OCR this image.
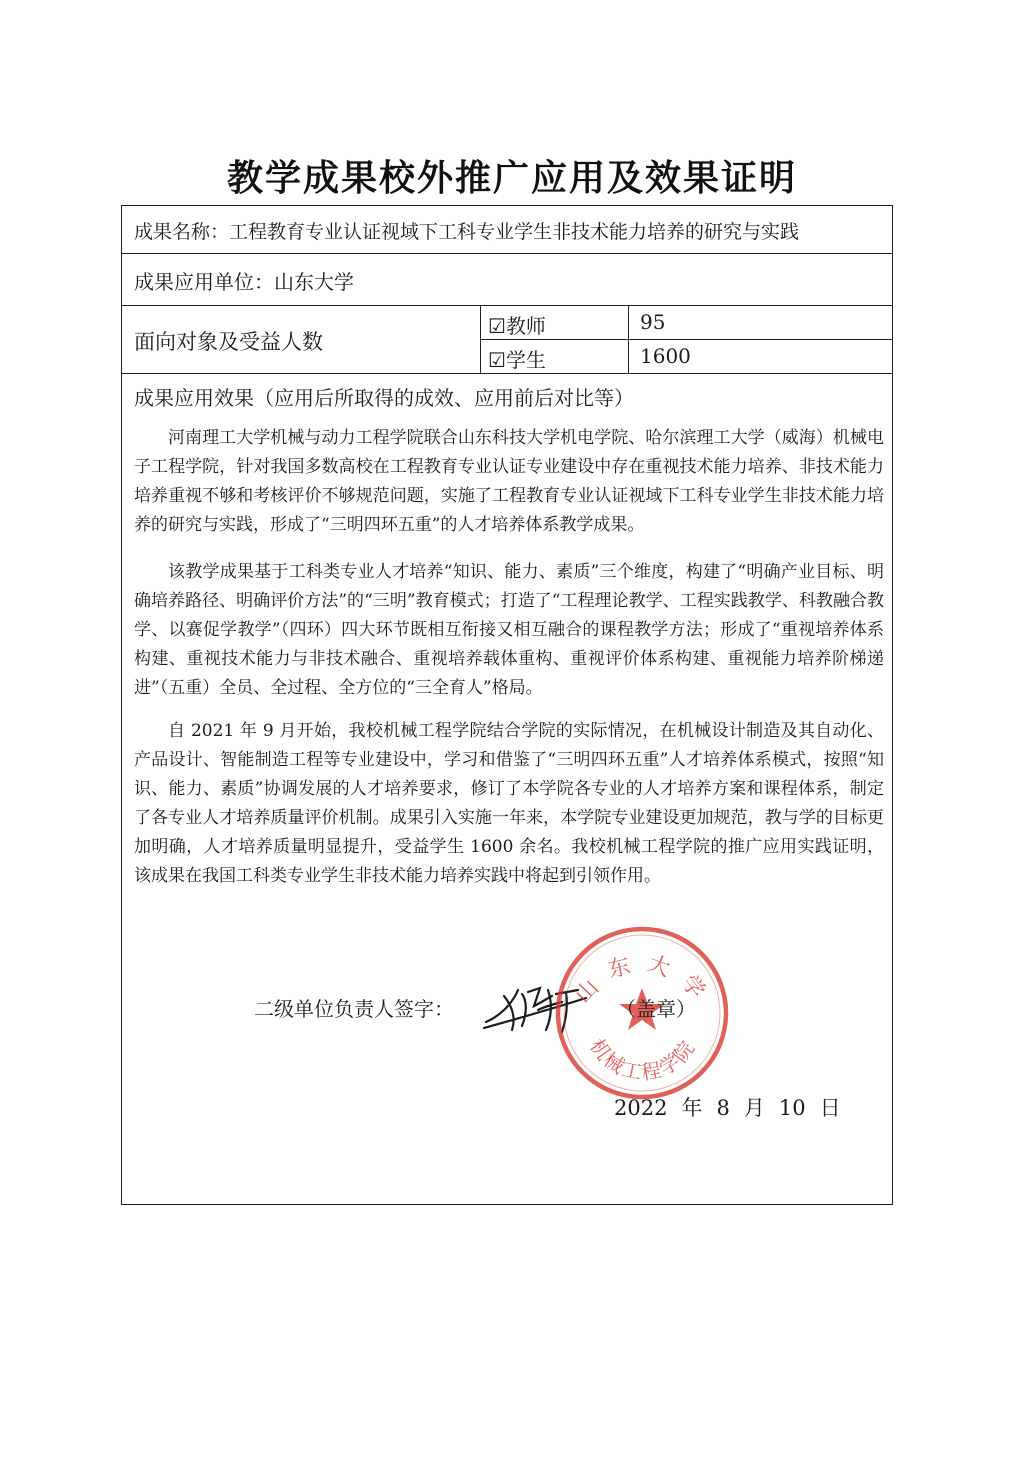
教学成果校外推广应用及效果证明
成果名称：工程教育专业认证视域下工科专业学生非技术能力培养的研究与实践
成果应用单位：山东大学
面向对象及受益人数
☑教师	95
☑学生	1600
成果应用效果（应用后所取得的成效、应用前后对比等）

河南理工大学机械与动力工程学院联合山东科技大学机电学院、哈尔滨理工大学（威海）机械电子工程学院，针对我国多数高校在工程教育专业认证专业建设中存在重视技术能力培养、非技术能力培养重视不够和考核评价不够规范问题，实施了工程教育专业认证视域下工科专业学生非技术能力培养的研究与实践，形成了“三明四环五重”的人才培养体系教学成果。

该教学成果基于工科类专业人才培养“知识、能力、素质”三个维度，构建了“明确产业目标、明确培养路径、明确评价方法”的“三明”教育模式；打造了“工程理论教学、工程实践教学、科教融合教学、以赛促学教学”（四环）四大环节既相互衔接又相互融合的课程教学方法；形成了“重视培养体系构建、重视技术能力与非技术融合、重视培养载体重构、重视评价体系构建、重视能力培养阶梯递进”（五重）全员、全过程、全方位的“三全育人”格局。

自 2021 年 9 月开始，我校机械工程学院结合学院的实际情况，在机械设计制造及其自动化、产品设计、智能制造工程等专业建设中，学习和借鉴了“三明四环五重”人才培养体系模式，按照“知识、能力、素质”协调发展的人才培养要求，修订了本学院各专业的人才培养方案和课程体系，制定了各专业人才培养质量评价机制。成果引入实施一年来，本学院专业建设更加规范，教与学的目标更加明确，人才培养质量明显提升，受益学生 1600 余名。我校机械工程学院的推广应用实践证明，该成果在我国工科类专业学生非技术能力培养实践中将起到引领作用。

二级单位负责人签字：
山东大学
机械工程学院
（盖章）
2022 年 8 月 10 日
